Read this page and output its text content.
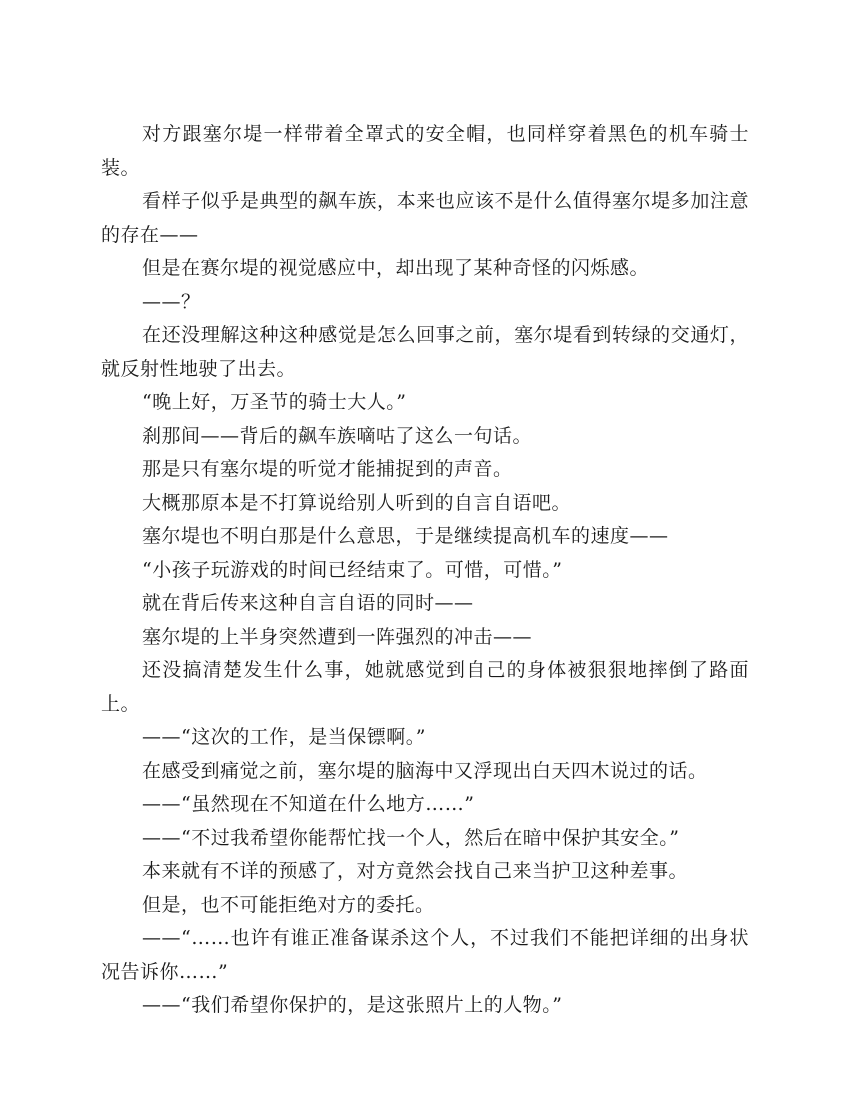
对方跟塞尔堤一样带着全罩式的安全帽，也同样穿着黑色的机车骑士装。

看样子似乎是典型的飙车族，本来也应该不是什么值得塞尔堤多加注意的存在——

但是在赛尔堤的视觉感应中，却出现了某种奇怪的闪烁感。

——？

在还没理解这种这种感觉是怎么回事之前，塞尔堤看到转绿的交通灯，就反射性地驶了出去。

“晚上好，万圣节的骑士大人。”

刹那间——背后的飙车族嘀咕了这么一句话。

那是只有塞尔堤的听觉才能捕捉到的声音。

大概那原本是不打算说给别人听到的自言自语吧。

塞尔堤也不明白那是什么意思，于是继续提高机车的速度——

“小孩子玩游戏的时间已经结束了。可惜，可惜。”

就在背后传来这种自言自语的同时——

塞尔堤的上半身突然遭到一阵强烈的冲击——

还没搞清楚发生什么事，她就感觉到自己的身体被狠狠地摔倒了路面上。

——“这次的工作，是当保镖啊。”

在感受到痛觉之前，塞尔堤的脑海中又浮现出白天四木说过的话。

——“虽然现在不知道在什么地方……”

——“不过我希望你能帮忙找一个人，然后在暗中保护其安全。”

本来就有不详的预感了，对方竟然会找自己来当护卫这种差事。

但是，也不可能拒绝对方的委托。

——“……也许有谁正准备谋杀这个人，不过我们不能把详细的出身状况告诉你……”

——“我们希望你保护的，是这张照片上的人物。”
